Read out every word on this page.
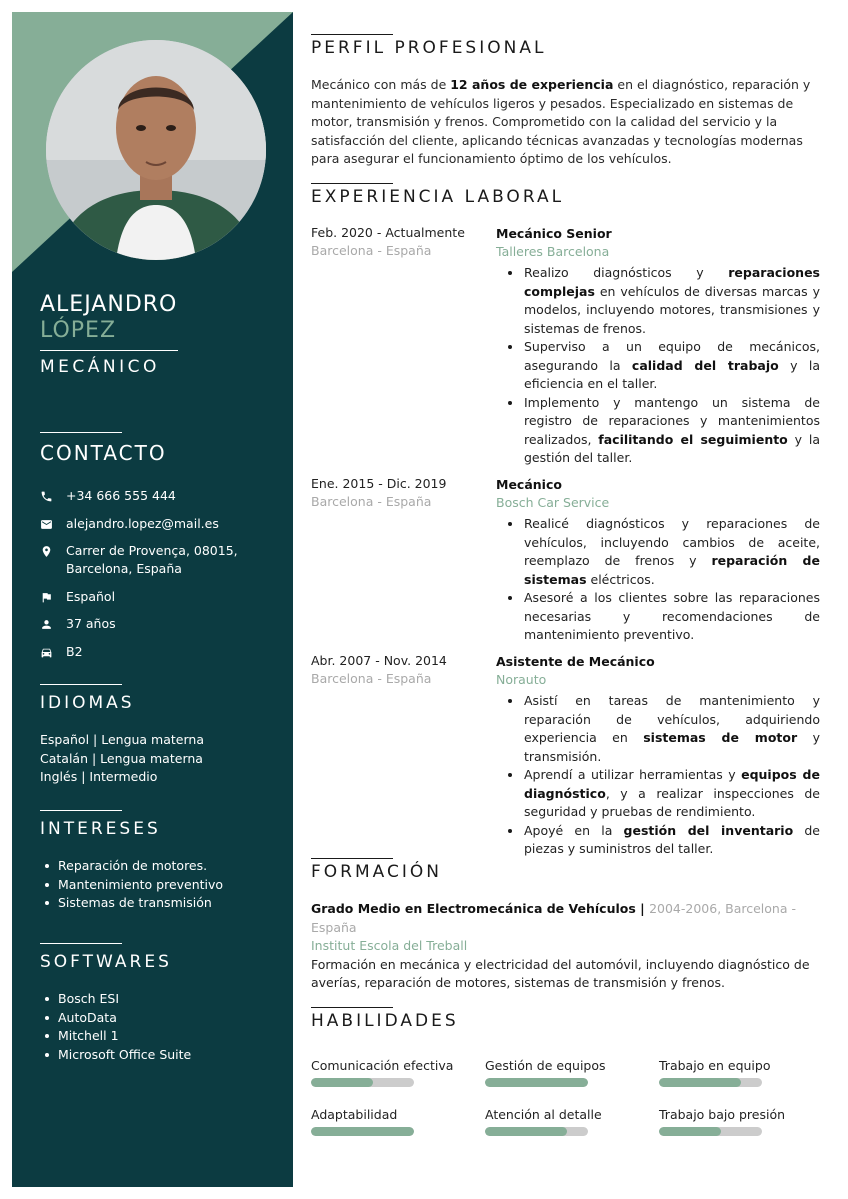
ALEJANDRO
LÓPEZ
MECÁNICO
CONTACTO
+34 666 555 444
alejandro.lopez@mail.es
Carrer de Provença, 08015,
Barcelona, España
Español
37 años
B2
IDIOMAS
Español | Lengua materna
Catalán | Lengua materna
Inglés | Intermedio
INTERESES
Reparación de motores.
Mantenimiento preventivo
Sistemas de transmisión
SOFTWARES
Bosch ESI
AutoData
Mitchell 1
Microsoft Office Suite
PERFIL PROFESIONAL
Mecánico con más de 12 años de experiencia en el diagnóstico, reparación y mantenimiento de vehículos ligeros y pesados. Especializado en sistemas de motor, transmisión y frenos. Comprometido con la calidad del servicio y la satisfacción del cliente, aplicando técnicas avanzadas y tecnologías modernas para asegurar el funcionamiento óptimo de los vehículos.
EXPERIENCIA LABORAL
Feb. 2020 - Actualmente
Barcelona - España
Mecánico Senior
Talleres Barcelona
Realizo diagnósticos y reparaciones complejas en vehículos de diversas marcas y modelos, incluyendo motores, transmisiones y sistemas de frenos.
Superviso a un equipo de mecánicos, asegurando la calidad del trabajo y la eficiencia en el taller.
Implemento y mantengo un sistema de registro de reparaciones y mantenimientos realizados, facilitando el seguimiento y la gestión del taller.
Ene. 2015 - Dic. 2019
Barcelona - España
Mecánico
Bosch Car Service
Realicé diagnósticos y reparaciones de vehículos, incluyendo cambios de aceite, reemplazo de frenos y reparación de sistemas eléctricos.
Asesoré a los clientes sobre las reparaciones necesarias y recomendaciones de mantenimiento preventivo.
Abr. 2007 - Nov. 2014
Barcelona - España
Asistente de Mecánico
Norauto
Asistí en tareas de mantenimiento y reparación de vehículos, adquiriendo experiencia en sistemas de motor y transmisión.
Aprendí a utilizar herramientas y equipos de diagnóstico, y a realizar inspecciones de seguridad y pruebas de rendimiento.
Apoyé en la gestión del inventario de piezas y suministros del taller.
FORMACIÓN
Grado Medio en Electromecánica de Vehículos | 2004-2006, Barcelona - España
Institut Escola del Treball
Formación en mecánica y electricidad del automóvil, incluyendo diagnóstico de averías, reparación de motores, sistemas de transmisión y frenos.
HABILIDADES
Comunicación efectiva	Gestión de equipos	Trabajo en equipo
Adaptabilidad	Atención al detalle	Trabajo bajo presión
